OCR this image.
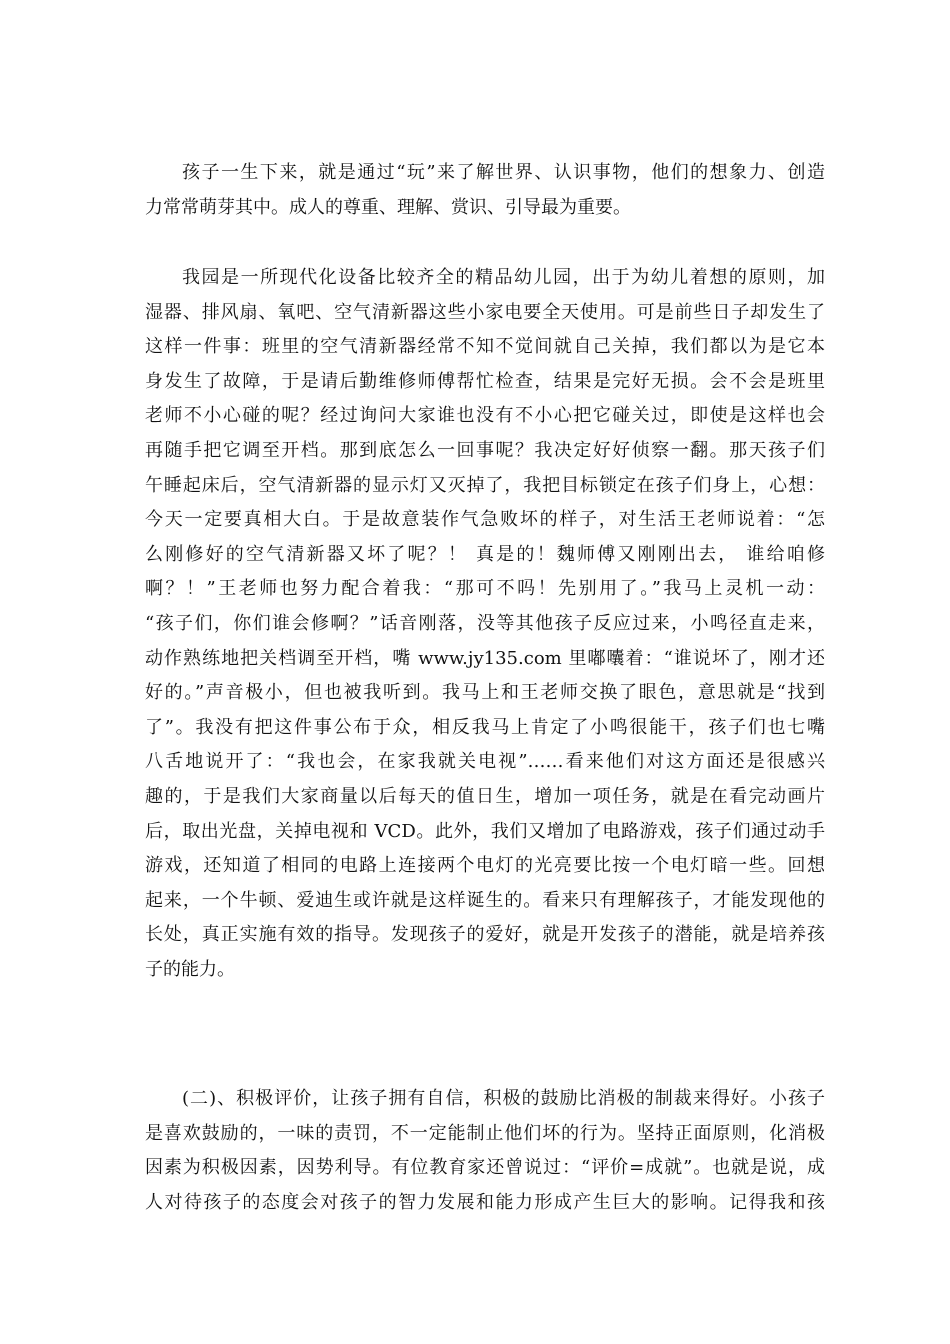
孩子一生下来，就是通过“玩”来了解世界、认识事物，他们的想象力、创造
力常常萌芽其中。成人的尊重、理解、赏识、引导最为重要。
我园是一所现代化设备比较齐全的精品幼儿园，出于为幼儿着想的原则，加
湿器、排风扇、氧吧、空气清新器这些小家电要全天使用。可是前些日子却发生了
这样一件事：班里的空气清新器经常不知不觉间就自己关掉，我们都以为是它本
身发生了故障，于是请后勤维修师傅帮忙检查，结果是完好无损。会不会是班里
老师不小心碰的呢？经过询问大家谁也没有不小心把它碰关过，即使是这样也会
再随手把它调至开档。那到底怎么一回事呢？我决定好好侦察一翻。那天孩子们
午睡起床后，空气清新器的显示灯又灭掉了，我把目标锁定在孩子们身上，心想：
今天一定要真相大白。于是故意装作气急败坏的样子，对生活王老师说着：“怎
么刚修好的空气清新器又坏了呢？！ 真是的！魏师傅又刚刚出去， 谁给咱修
啊？！”王老师也努力配合着我：“那可不吗！先别用了。”我马上灵机一动：
“孩子们，你们谁会修啊？”话音刚落，没等其他孩子反应过来，小鸣径直走来，
动作熟练地把关档调至开档，嘴 www.jy135.com 里嘟囔着：“谁说坏了，刚才还
好的。”声音极小，但也被我听到。我马上和王老师交换了眼色，意思就是“找到
了”。我没有把这件事公布于众，相反我马上肯定了小鸣很能干，孩子们也七嘴
八舌地说开了：“我也会，在家我就关电视”……看来他们对这方面还是很感兴
趣的，于是我们大家商量以后每天的值日生，增加一项任务，就是在看完动画片
后，取出光盘，关掉电视和 VCD。此外，我们又增加了电路游戏，孩子们通过动手
游戏，还知道了相同的电路上连接两个电灯的光亮要比按一个电灯暗一些。回想
起来，一个牛顿、爱迪生或许就是这样诞生的。看来只有理解孩子，才能发现他的
长处，真正实施有效的指导。发现孩子的爱好，就是开发孩子的潜能，就是培养孩
子的能力。
(二)、积极评价，让孩子拥有自信，积极的鼓励比消极的制裁来得好。小孩子
是喜欢鼓励的，一味的责罚，不一定能制止他们坏的行为。坚持正面原则，化消极
因素为积极因素，因势利导。有位教育家还曾说过：“评价=成就”。也就是说，成
人对待孩子的态度会对孩子的智力发展和能力形成产生巨大的影响。记得我和孩
